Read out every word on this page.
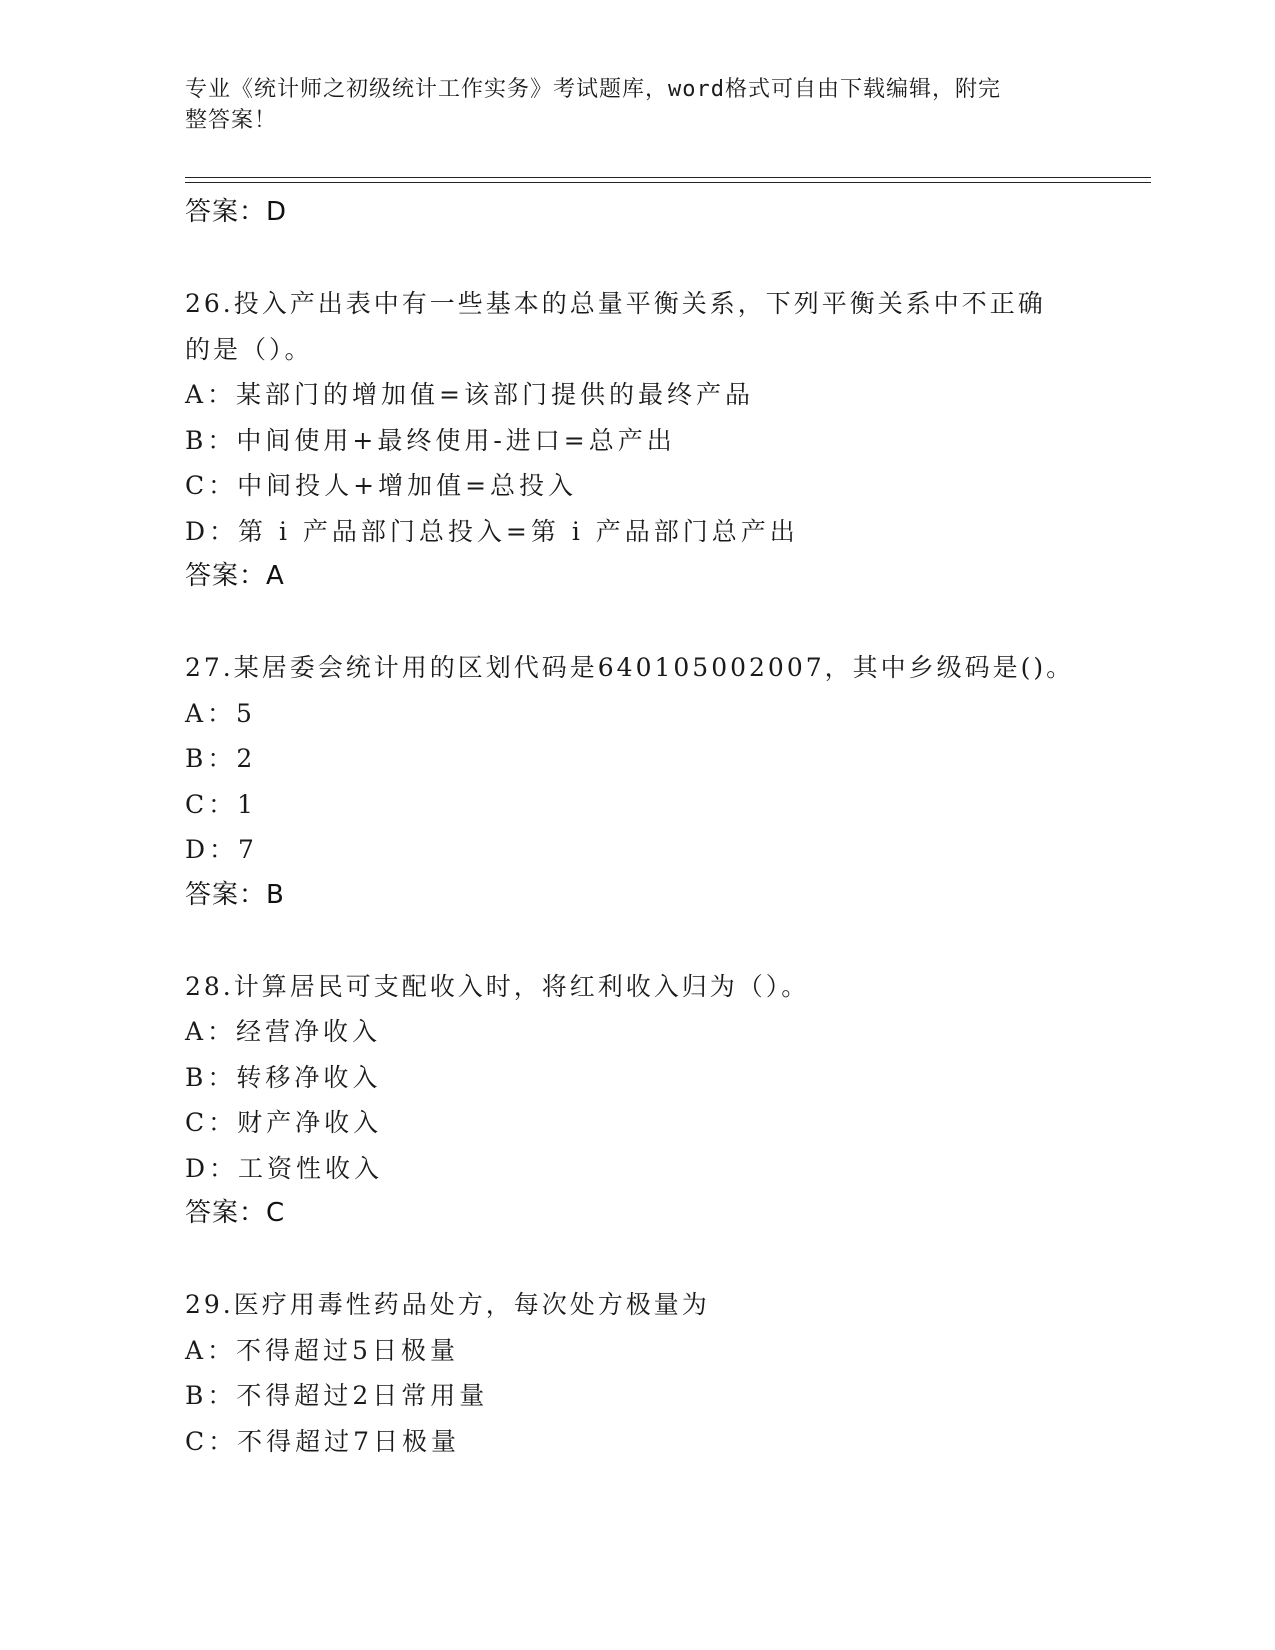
专业《统计师之初级统计工作实务》考试题库，word格式可自由下载编辑，附完
整答案！
答案：D
26.投入产出表中有一些基本的总量平衡关系，下列平衡关系中不正确
的是（）。
A：某部门的增加值=该部门提供的最终产品
B：中间使用+最终使用-进口=总产出
C：中间投人+增加值=总投入
D：第 i 产品部门总投入=第 i 产品部门总产出
答案：A
27.某居委会统计用的区划代码是640105002007，其中乡级码是()。
A：5
B：2
C：1
D：7
答案：B
28.计算居民可支配收入时，将红利收入归为（）。
A：经营净收入
B：转移净收入
C：财产净收入
D：工资性收入
答案：C
29.医疗用毒性药品处方，每次处方极量为
A：不得超过5日极量
B：不得超过2日常用量
C：不得超过7日极量
